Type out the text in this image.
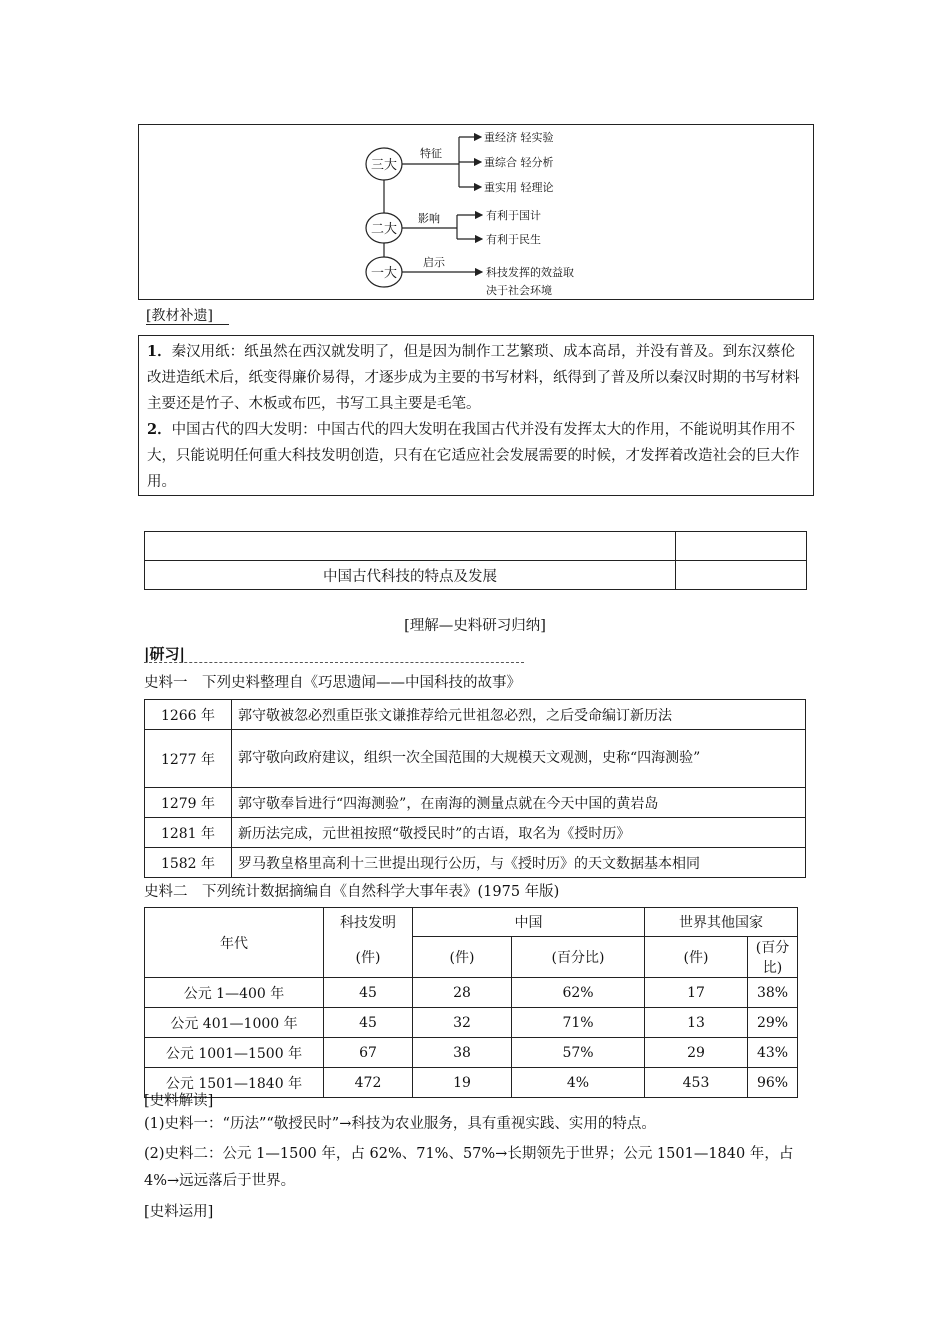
三大
二大
一大
特征
重经济 轻实验
重综合 轻分析
重实用 轻理论
影响	有利于国计
有利于民生
启示
科技发挥的效益取
决于社会环境
[教材补遗]

1．秦汉用纸：纸虽然在西汉就发明了，但是因为制作工艺繁琐、成本高昂，并没有普及。到东汉蔡伦改进造纸术后，纸变得廉价易得，才逐步成为主要的书写材料，纸得到了普及所以秦汉时期的书写材料主要还是竹子、木板或布匹，书写工具主要是毛笔。

2．中国古代的四大发明：中国古代的四大发明在我国古代并没有发挥太大的作用，不能说明其作用不大，只能说明任何重大科技发明创造，只有在它适应社会发展需要的时候，才发挥着改造社会的巨大作用。

中国古代科技的特点及发展	
[理解—史料研习归纳]
|研习|
史料一　下列史料整理自《巧思遗闻——中国科技的故事》
1266 年	郭守敬被忽必烈重臣张文谦推荐给元世祖忽必烈，之后受命编订新历法
1277 年	郭守敬向政府建议，组织一次全国范围的大规模天文观测，史称“四海测验”
1279 年	郭守敬奉旨进行“四海测验”，在南海的测量点就在今天中国的黄岩岛
1281 年	新历法完成，元世祖按照“敬授民时”的古语，取名为《授时历》
1582 年	罗马教皇格里高利十三世提出现行公历，与《授时历》的天文数据基本相同
史料二　下列统计数据摘编自《自然科学大事年表》(1975 年版)
年代	科技发明	中国		世界其他国家	
	(件)	(件)	(百分比)	(件)	(百分比)
公元 1—400 年	45	28	62%	17	38%
公元 401—1000 年	45	32	71%	13	29%
公元 1001—1500 年	67	38	57%	29	43%
公元 1501—1840 年	472	19	4%	453	96%
[史料解读]
(1)史料一：“历法”“敬授民时”→科技为农业服务，具有重视实践、实用的特点。
(2)史料二：公元 1—1500 年，占 62%、71%、57%→长期领先于世界；公元 1501—1840 年，占 4%→远远落后于世界。
[史料运用]
